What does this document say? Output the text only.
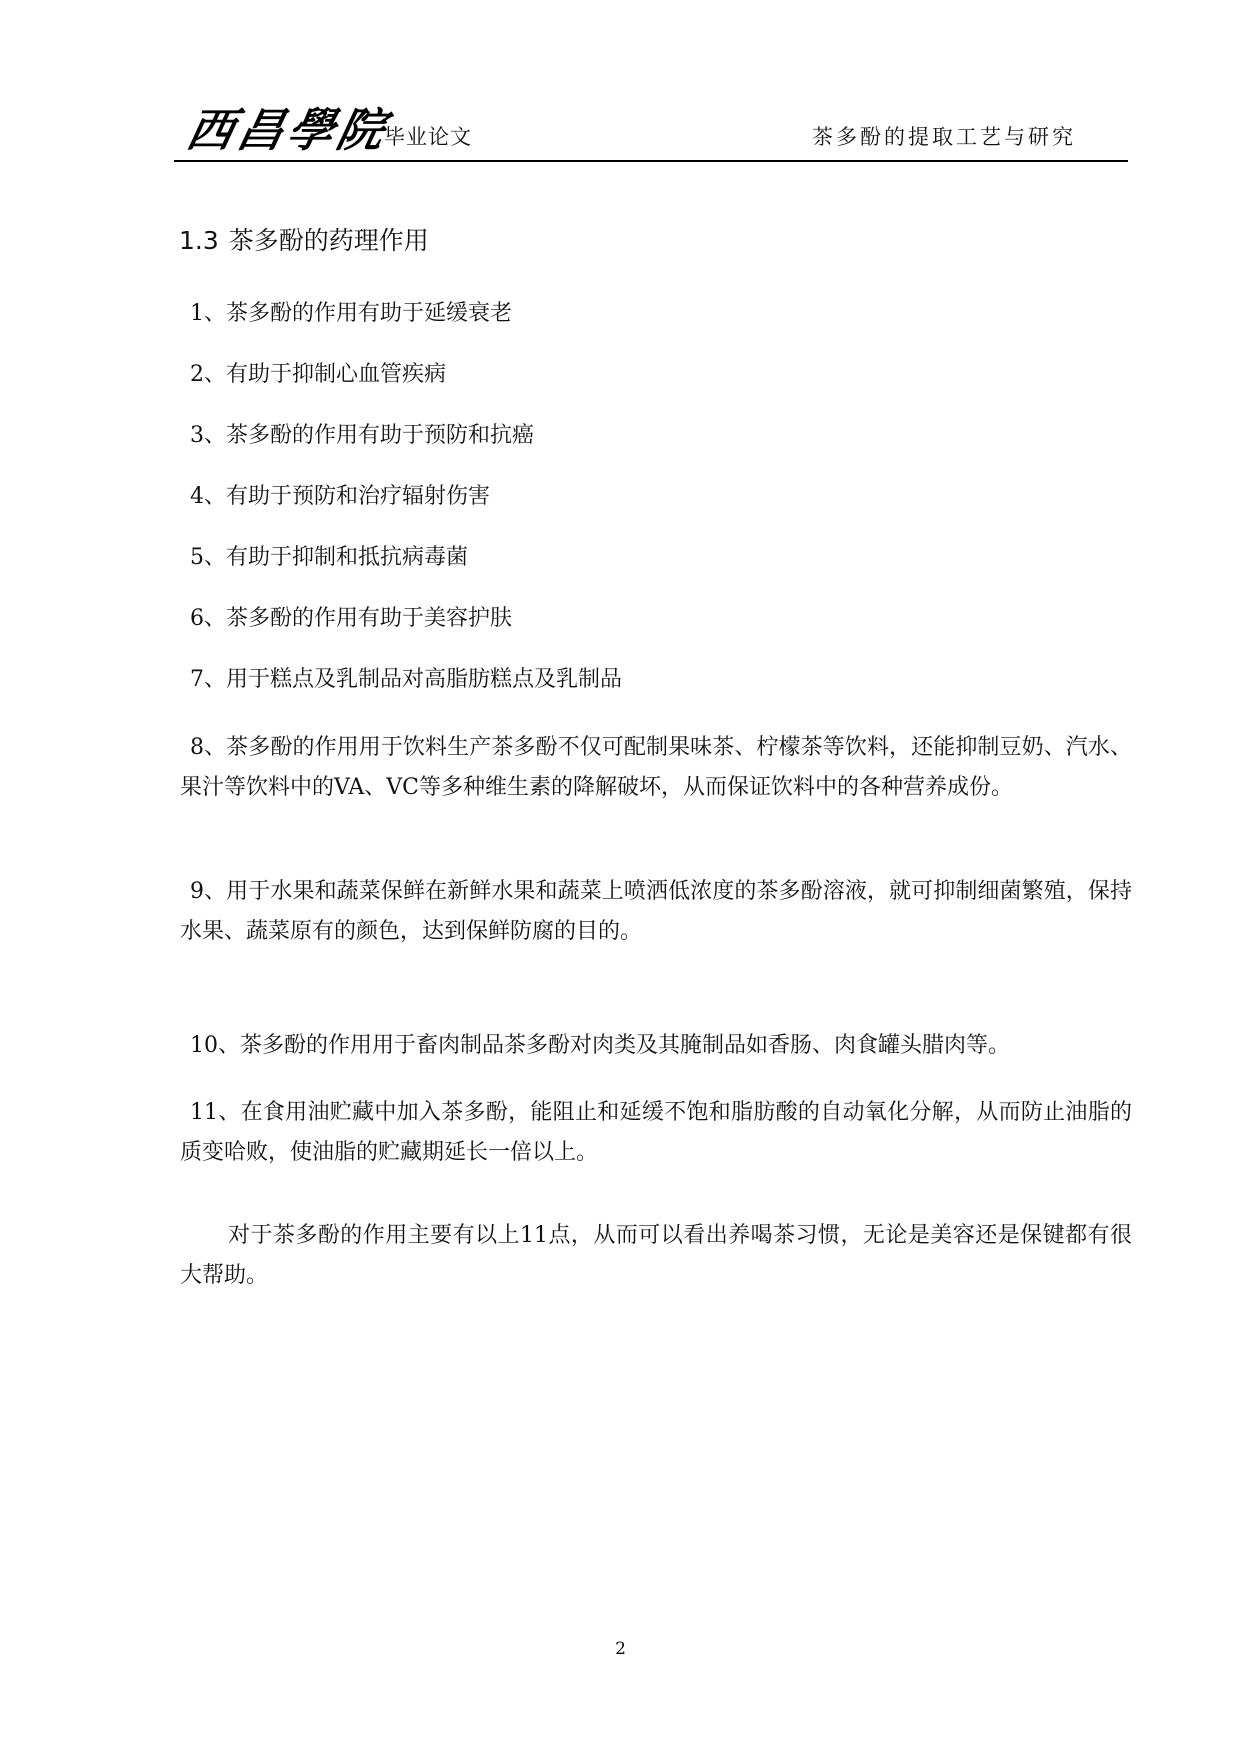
西昌學院
毕业论文	茶多酚的提取工艺与研究
1.3 茶多酚的药理作用

1、茶多酚的作用有助于延缓衰老

2、有助于抑制心血管疾病

3、茶多酚的作用有助于预防和抗癌

4、有助于预防和治疗辐射伤害

5、有助于抑制和抵抗病毒菌

6、茶多酚的作用有助于美容护肤

7、用于糕点及乳制品对高脂肪糕点及乳制品

8、茶多酚的作用用于饮料生产茶多酚不仅可配制果味茶、柠檬茶等饮料，还能抑制豆奶、汽水、果汁等饮料中的VA、VC等多种维生素的降解破坏，从而保证饮料中的各种营养成份。

9、用于水果和蔬菜保鲜在新鲜水果和蔬菜上喷洒低浓度的茶多酚溶液，就可抑制细菌繁殖，保持水果、蔬菜原有的颜色，达到保鲜防腐的目的。

10、茶多酚的作用用于畜肉制品茶多酚对肉类及其腌制品如香肠、肉食罐头腊肉等。

11、在食用油贮藏中加入茶多酚，能阻止和延缓不饱和脂肪酸的自动氧化分解，从而防止油脂的质变哈败，使油脂的贮藏期延长一倍以上。

对于茶多酚的作用主要有以上11点，从而可以看出养喝茶习惯，无论是美容还是保键都有很大帮助。

2
